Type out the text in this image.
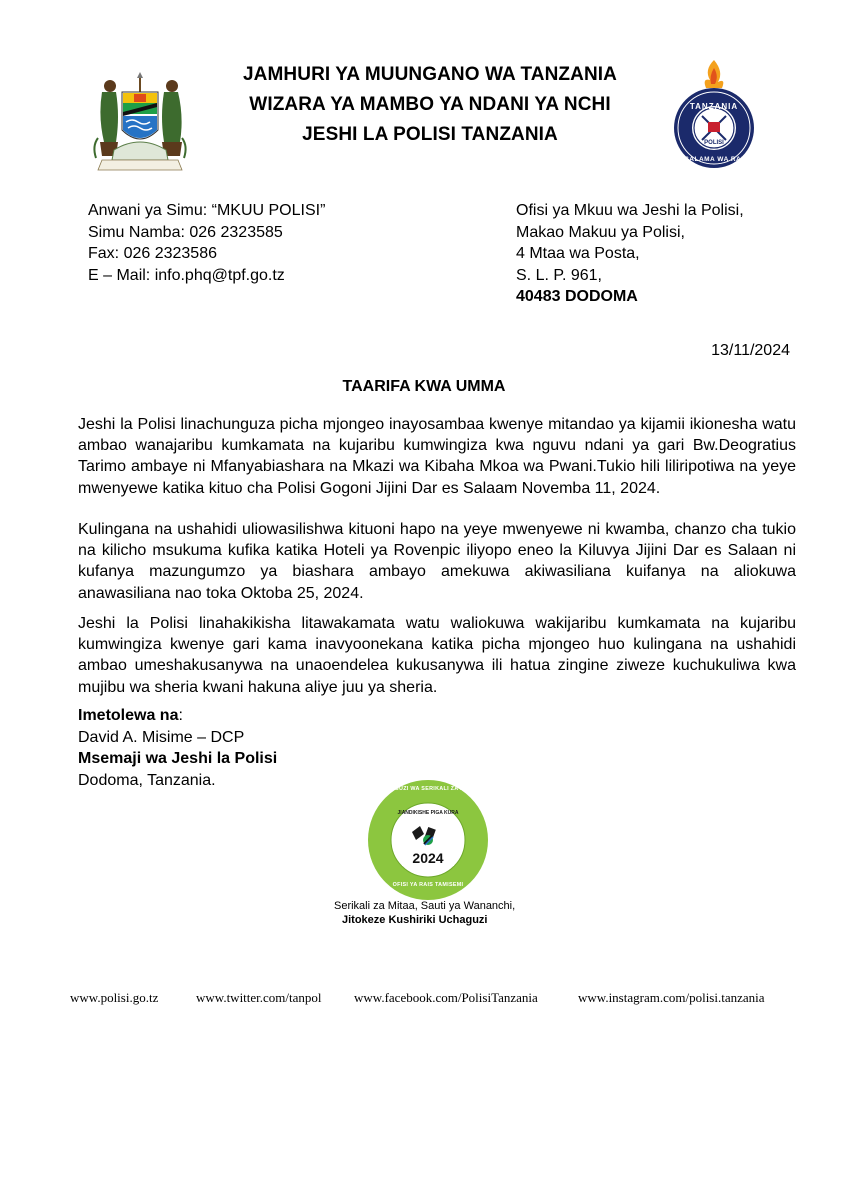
JAMHURI YA MUUNGANO WA TANZANIA
WIZARA YA MAMBO YA NDANI YA NCHI
JESHI LA POLISI TANZANIA
TANZANIA
POLISI
USALAMA WA RAIA
Anwani ya Simu: “MKUU POLISI”
Simu Namba: 026 2323585
Fax: 026 2323586
E – Mail: info.phq@tpf.go.tz
Ofisi ya Mkuu wa Jeshi la Polisi,
Makao Makuu ya Polisi,
4 Mtaa wa Posta,
S. L. P. 961,
40483 DODOMA
13/11/2024
TAARIFA KWA UMMA
Jeshi la Polisi linachunguza picha mjongeo inayosambaa kwenye mitandao ya kijamii ikionesha watu ambao wanajaribu kumkamata na kujaribu kumwingiza kwa nguvu ndani ya gari Bw.Deogratius Tarimo ambaye ni Mfanyabiashara na Mkazi wa Kibaha Mkoa wa Pwani.Tukio hili liliripotiwa na yeye mwenyewe katika kituo cha Polisi Gogoni Jijini Dar es Salaam Novemba 11, 2024.
Kulingana na ushahidi uliowasilishwa kituoni hapo na yeye mwenyewe ni kwamba, chanzo cha tukio na kilicho msukuma kufika katika Hoteli ya Rovenpic iliyopo eneo la Kiluvya Jijini Dar es Salaan ni kufanya mazungumzo ya biashara ambayo amekuwa akiwasiliana kuifanya na aliokuwa anawasiliana nao toka Oktoba 25, 2024.
Jeshi la Polisi linahakikisha litawakamata watu waliokuwa wakijaribu kumkamata na kujaribu kumwingiza kwenye gari kama inavyoonekana katika picha mjongeo huo kulingana na ushahidi ambao umeshakusanywa na unaoendelea kukusanywa ili hatua zingine ziweze kuchukuliwa kwa mujibu wa sheria kwani hakuna aliye juu ya sheria.
Imetolewa na:
David A. Misime – DCP
Msemaji wa Jeshi la Polisi
Dodoma, Tanzania.
UCHAGUZI WA SERIKALI ZA MITAA
JIANDIKISHE PIGA KURA
2024
OFISI YA RAIS TAMISEMI
Serikali za Mitaa, Sauti ya Wananchi,
Jitokeze Kushiriki Uchaguzi
www.polisi.go.tz	www.twitter.com/tanpol www.facebook.com/PolisiTanzania	www.instagram.com/polisi.tanzania
